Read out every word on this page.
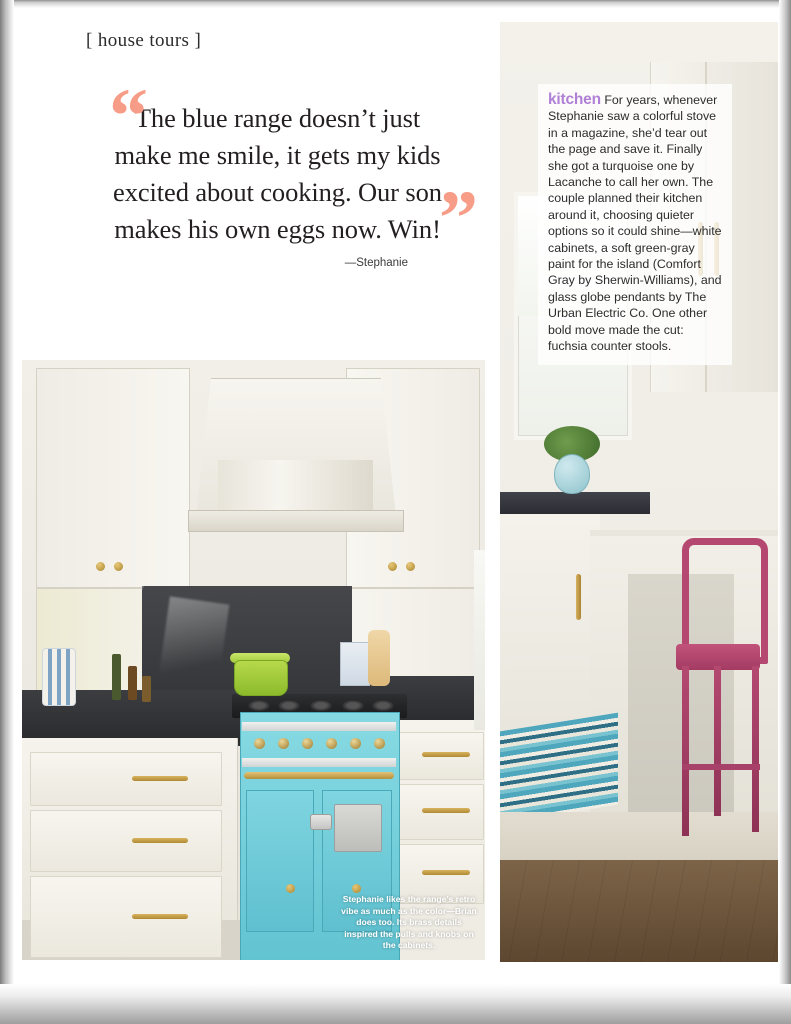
[ house tours ]
“
The blue range doesn’t just make me smile, it gets my kids excited about cooking. Our son makes his own eggs now. Win!
”
—Stephanie
Stephanie likes the range’s retro vibe as much as the color—Brian does too. Its brass details inspired the pulls and knobs on the cabinets.
kitchen For years, whenever Stephanie saw a colorful stove in a magazine, she’d tear out the page and save it. Finally she got a turquoise one by Lacanche to call her own. The couple planned their kitchen around it, choosing quieter options so it could shine—white cabinets, a soft green-gray paint for the island (Comfort Gray by Sherwin-Williams), and glass globe pendants by The Urban Electric Co. One other bold move made the cut: fuchsia counter stools.
